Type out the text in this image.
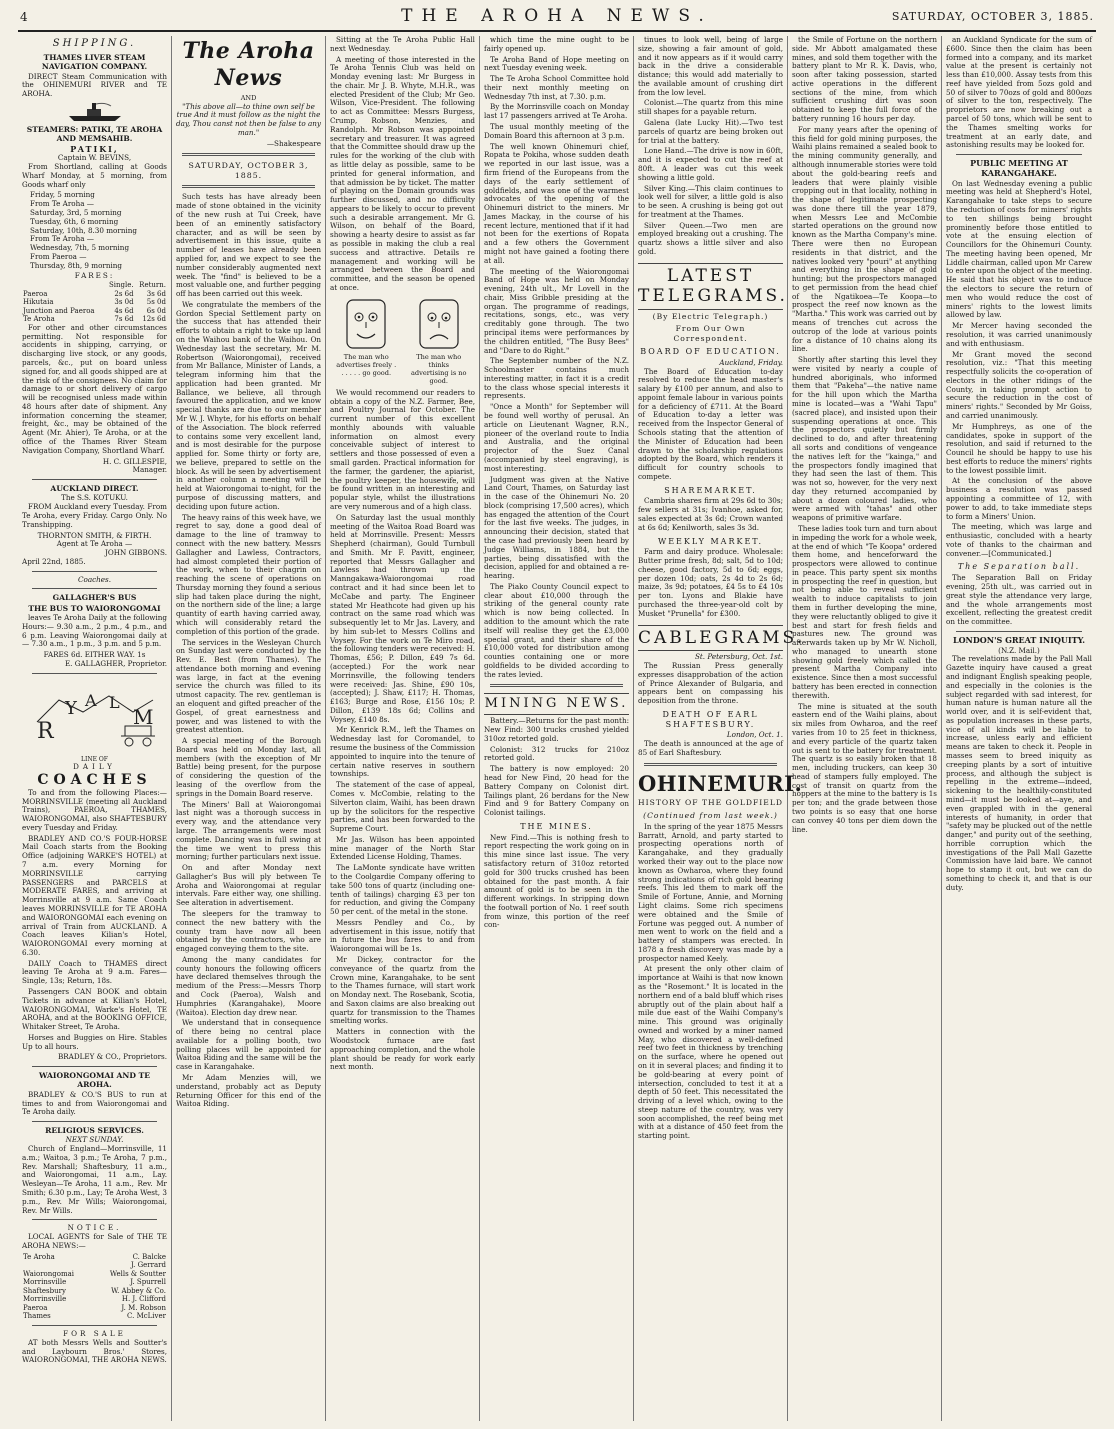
4	THE AROHA NEWS.	SATURDAY, OCTOBER 3, 1885.
SHIPPING.
THAMES LIVER STEAM NAVIGATION COMPANY.

DIRECT Steam Communication with the OHINEMURI RIVER and TE AROHA.

STEAMERS: PATIKI, TE AROHA AND MEMSAHIB.
PATIKI,
Captain W. BEVINS,

From Shortland, calling at Goods Wharf Monday, at 5 morning, from Goods wharf only

Friday, 5 morning
From Te Aroha —
Saturday, 3rd, 5 morning
Tuesday, 6th, 6 morning
Saturday, 10th, 8.30 morning
From Te Aroha —
Wednesday, 7th, 5 morning
From Paeroa —
Thursday, 8th, 9 morning
FARES:
	Single.	Return.
Paeroa	2s 6d	3s 6d
Hikutaia	3s 0d	5s 0d
Junction and Paeroa	4s 6d	6s 0d
Te Aroha	7s 6d	12s 6d

For other and other circumstances permitting. Not responsible for accidents in shipping, carrying, or discharging live stock, or any goods, parcels, &c., put on board unless signed for, and all goods shipped are at the risk of the consignees. No claim for damage to or short delivery of cargo will be recognised unless made within 48 hours after date of shipment. Any information concerning the steamer, freight, &c., may be obtained of the Agent (Mr. Ahier), Te Aroha, or at the office of the Thames River Steam Navigation Company, Shortland Wharf.

H. C. GILLESPIE,
Manager.
AUCKLAND DIRECT.
The S.S. KOTUKU.

FROM Auckland every Tuesday. From Te Aroha, every Friday. Cargo Only. No Transhipping.

THORNTON SMITH, & FIRTH.
Agent at Te Aroha —
JOHN GIBBONS.
April 22nd, 1885.
Coaches.
GALLAGHER'S BUS
THE BUS TO WAIORONGOMAI

leaves Te Aroha Daily at the following Hours:— 9.30 a.m., 2 p.m., 4 p.m., and 6 p.m. Leaving Waiorongomai daily at— 7.30 a.m., 1 p.m., 3 p.m. and 5 p.m.

FARES 6d. EITHER WAY. 1s
E. GALLAGHER, Proprietor.
R
Y A L
M
LINE OF
DAILY
COACHES

To and from the following Places:— MORRINSVILLE (meeting all Auckland Trains), PAEROA, THAMES, WAIORONGOMAI, also SHAFTESBURY every Tuesday and Friday.

BRADLEY AND CO.'S FOUR-HORSE Mail Coach starts from the Booking Office (adjoining WARKE'S HOTEL) at 7 a.m. every Morning for MORRINSVILLE carrying PASSENGERS and PARCELS at MODERATE FARES, and arriving at Morrinsville at 9 a.m. Same Coach leaves MORRINSVILLE for TE AROHA and WAIORONGOMAI each evening on arrival of Train from AUCKLAND. A Coach leaves Kilian's Hotel, WAIORONGOMAI every morning at 6.30.

DAILY Coach to THAMES direct leaving Te Aroha at 9 a.m. Fares—Single, 13s; Return, 18s.

Passengers CAN BOOK and obtain Tickets in advance at Kilian's Hotel, WAIORONGOMAI, Warke's Hotel, TE AROHA, and at the BOOKING OFFICE, Whitaker Street, Te Aroha.

Horses and Buggies on Hire. Stables Up to all hours.

BRADLEY & CO., Proprietors.
WAIORONGOMAI AND TE AROHA.

BRADLEY & CO.'S BUS to run at times to and from Waiorongomai and Te Aroha daily.

RELIGIOUS SERVICES.
NEXT SUNDAY.

Church of England—Morrinsville, 11 a.m.; Waitoa, 3 p.m.; Te Aroha, 7 p.m., Rev. Marshall; Shaftesbury, 11 a.m., and Waiorongomai, 11 a.m., Lay. Wesleyan—Te Aroha, 11 a.m., Rev. Mr Smith; 6.30 p.m., Lay; Te Aroha West, 3 p.m., Rev. Mr Wills; Waiorongomai, Rev. Mr Wills.

NOTICE.

LOCAL AGENTS for Sale of THE TE AROHA NEWS:—

Te Aroha	C. Balcke
	J. Gerrard
Waiorongomai	Wells & Soutter
Morrinsville	J. Spurrell
Shaftesbury	W. Abbey & Co.
Morrinsville	H. J. Clifford
Paeroa	J. M. Robson
Thames	C. McLiver
FOR SALE

AT both Messrs Wells and Soutter's and Laybourn Bros.' Stores, WAIORONGOMAI, THE AROHA NEWS.

The Aroha News
AND

"This above all—to thine own self be true And it must follow as the night the day, Thou canst not then be false to any man."

—Shakespeare
SATURDAY, OCTOBER 3, 1885.

Such tests has have already been made of stone obtained in the vicinity of the new rush at Tui Creek, have been of an eminently satisfactory character, and as will be seen by advertisement in this issue, quite a number of leases have already been applied for, and we expect to see the number considerably augmented next week. The "find" is believed to be a most valuable one, and further pegging off has been carried out this week.

We congratulate the members of the Gordon Special Settlement party on the success that has attended their efforts to obtain a right to take up land on the Waihou bank of the Waihou. On Wednesday last the secretary, Mr M. Robertson (Waiorongomai), received from Mr Ballance, Minister of Lands, a telegram informing him that the application had been granted. Mr Ballance, we believe, all through favoured the application, and we know special thanks are due to our member Mr W. J. Whyte, for his efforts on behalf of the Association. The block referred to contains some very excellent land, and is most desirable for the purpose applied for. Some thirty or forty are, we believe, prepared to settle on the block. As will be seen by advertisement in another column a meeting will be held at Waiorongomai to-night, for the purpose of discussing matters, and deciding upon future action.

The heavy rains of this week have, we regret to say, done a good deal of damage to the line of tramway to connect with the new battery. Messrs Gallagher and Lawless, Contractors, had almost completed their portion of the work, when to their chagrin on reaching the scene of operations on Thursday morning they found a serious slip had taken place during the night, on the northern side of the line; a large quantity of earth having carried away, which will considerably retard the completion of this portion of the grade.

The services in the Wesleyan Church on Sunday last were conducted by the Rev. E. Best (from Thames). The attendance both morning and evening was large, in fact at the evening service the church was filled to its utmost capacity. The rev. gentleman is an eloquent and gifted preacher of the Gospel, of great earnestness and power, and was listened to with the greatest attention.

A special meeting of the Borough Board was held on Monday last, all members (with the exception of Mr Battle) being present, for the purpose of considering the question of the leasing of the overflow from the springs in the Domain Board reserve.

The Miners' Ball at Waiorongomai last night was a thorough success in every way, and the attendance very large. The arrangements were most complete. Dancing was in full swing at the time we went to press this morning; further particulars next issue.

On and after Monday next Gallagher's Bus will ply between Te Aroha and Waiorongomai at regular intervals. Fare either way, one shilling. See alteration in advertisement.

The sleepers for the tramway to connect the new battery with the county tram have now all been obtained by the contractors, who are engaged conveying them to the site.

Among the many candidates for county honours the following officers have declared themselves through the medium of the Press:—Messrs Thorp and Cock (Paeroa), Walsh and Humphries (Karangahake), Moore (Waitoa). Election day drew near.

We understand that in consequence of there being no central place available for a polling booth, two polling places will be appointed for Waitoa Riding and the same will be the case in Karangahake.

Mr Adam Menzies will, we understand, probably act as Deputy Returning Officer for this end of the Waitoa Riding.

Sitting at the Te Aroha Public Hall next Wednesday.

A meeting of those interested in the Te Aroha Tennis Club was held on Monday evening last: Mr Burgess in the chair. Mr J. B. Whyte, M.H.R., was elected President of the Club; Mr Geo. Wilson, Vice-President. The following to act as Committee: Messrs Burgess, Crump, Robson, Menzies, and Randolph. Mr Robson was appointed secretary and treasurer. It was agreed that the Committee should draw up the rules for the working of the club with as little delay as possible, same to be printed for general information, and that admission be by ticket. The matter of playing on the Domain grounds was further discussed, and no difficulty appears to be likely to occur to prevent such a desirable arrangement. Mr G. Wilson, on behalf of the Board, showing a hearty desire to assist as far as possible in making the club a real success and attractive. Details re management and working will be arranged between the Board and committee, and the season be opened at once.

The man who advertises freely . . . . . . go good.
The man who thinks advertising is no good.

We would recommend our readers to obtain a copy of the N.Z. Farmer, Bee, and Poultry Journal for October. The current number of this excellent monthly abounds with valuable information on almost every conceivable subject of interest to settlers and those possessed of even a small garden. Practical information for the farmer, the gardener, the apiarist, the poultry keeper, the housewife, will be found written in an interesting and popular style, whilst the illustrations are very numerous and of a high class.

On Saturday last the usual monthly meeting of the Waitoa Road Board was held at Morrinsville. Present: Messrs Shepherd (chairman), Gould Turnbull and Smith. Mr F. Pavitt, engineer, reported that Messrs Gallagher and Lawless had thrown up the Manngakawa-Waiorongomai road contract and it had since been let to McCabe and party. The Engineer stated Mr Heathcote had given up his contract on the same road which was subsequently let to Mr Jas. Lavery, and by him sub-let to Messrs Collins and Voysey. For the work on Te Miro road, the following tenders were received: H. Thomas, £56; P. Dillon, £49 7s 6d. (accepted.) For the work near Morrinsville, the following tenders were received: Jas. Shine, £90 10s, (accepted); J. Shaw, £117; H. Thomas, £163; Burge and Rose, £156 10s; P. Dillon, £139 18s 6d; Collins and Voysey, £140 8s.

Mr Kenrick R.M., left the Thames on Wednesday last for Coromandel, to resume the business of the Commission appointed to inquire into the tenure of certain native reserves in southern townships.

The statement of the case of appeal, Comes v. McCombie, relating to the Silverton claim, Waihi, has been drawn up by the solicitors for the respective parties, and has been forwarded to the Supreme Court.

Mr Jas. Wilson has been appointed mine manager of the North Star Extended License Holding, Thames.

The LaMonte syndicate have written to the Coolgardie Company offering to take 500 tons of quartz (including one-tenth of tailings) charging £3 per ton for reduction, and giving the Company 50 per cent. of the metal in the stone.

Messrs Pendley and Co., by advertisement in this issue, notify that in future the bus fares to and from Waiorongomai will be 1s.

Mr Dickey, contractor for the conveyance of the quartz from the Crown mine, Karangahake, to be sent to the Thames furnace, will start work on Monday next. The Rosebank, Scotia, and Saxon claims are also breaking out quartz for transmission to the Thames smelting works.

Matters in connection with the Woodstock furnace are fast approaching completion, and the whole plant should be ready for work early next month.

which time the mine ought to be fairly opened up.

Te Aroha Band of Hope meeting on next Tuesday evening week.

The Te Aroha School Committee hold their next monthly meeting on Wednesday 7th inst, at 7.30. p.m.

By the Morrinsville coach on Monday last 17 passengers arrived at Te Aroha.

The usual monthly meeting of the Domain Board this afternoon at 3 p.m.

The well known Ohinemuri chief, Ropata te Pokiha, whose sudden death we reported in our last issue, was a firm friend of the Europeans from the days of the early settlement of goldfields, and was one of the warmest advocates of the opening of the Ohinemuri district to the miners. Mr James Mackay, in the course of his recent lecture, mentioned that if it had not been for the exertions of Ropata and a few others the Government might not have gained a footing there at all.

The meeting of the Waiorongomai Band of Hope was held on Monday evening, 24th ult., Mr Lovell in the chair, Miss Gribble presiding at the organ. The programme of readings, recitations, songs, etc., was very creditably gone through. The two principal items were performances by the children entitled, "The Busy Bees" and "Dare to do Right."

The September number of the N.Z. Schoolmaster contains much interesting matter, in fact it is a credit to the class whose special interests it represents.

"Once a Month" for September will be found well worthy of perusal. An article on Lieutenant Wagner, R.N., pioneer of the overland route to India and Australia, and the original projector of the Suez Canal (accompanied by steel engraving), is most interesting.

Judgment was given at the Native Land Court, Thames, on Saturday last in the case of the Ohinemuri No. 20 block (comprising 17,500 acres), which has engaged the attention of the Court for the last five weeks. The judges, in announcing their decision, stated that the case had previously been heard by Judge Williams, in 1884, but the parties, being dissatisfied with the decision, applied for and obtained a re-hearing.

The Piako County Council expect to clear about £10,000 through the striking of the general county rate which is now being collected. In addition to the amount which the rate itself will realise they get the £3,000 special grant, and their share of the £10,000 voted for distribution among counties containing one or more goldfields to be divided according to the rates levied.

MINING NEWS.

Battery.—Returns for the past month: New Find: 300 trucks crushed yielded 310oz retorted gold.

Colonist: 312 trucks for 210oz retorted gold.

The battery is now employed: 20 head for New Find, 20 head for the Battery Company on Colonist dirt. Tailings plant, 26 berdans for the New Find and 9 for Battery Company on Colonist tailings.

THE MINES.

New Find.—This is nothing fresh to report respecting the work going on in this mine since last issue. The very satisfactory return of 310oz retorted gold for 300 trucks crushed has been obtained for the past month. A fair amount of gold is to be seen in the different workings. In stripping down the footwall portion of No. 1 reef south from winze, this portion of the reef con-

tinues to look well, being of large size, showing a fair amount of gold, and it now appears as if it would carry back in the drive a considerable distance; this would add materially to the available amount of crushing dirt from the low level.

Colonist.—The quartz from this mine still shapes for a payable return.

Galena (late Lucky Hit).—Two test parcels of quartz are being broken out for trial at the battery.

Lone Hand.—The drive is now in 60ft, and it is expected to cut the reef at 80ft. A leader was cut this week showing a little gold.

Silver King.—This claim continues to look well for silver, a little gold is also to be seen. A crushing is being got out for treatment at the Thames.

Silver Queen.—Two men are employed breaking out a crushing. The quartz shows a little silver and also gold.

LATEST TELEGRAMS.
(By Electric Telegraph.)
From Our Own Correspondent.
BOARD OF EDUCATION.
Auckland, Friday.

The Board of Education to-day resolved to reduce the head master's salary by £100 per annum, and also to appoint female labour in various points for a deficiency of £711. At the Board of Education to-day a letter was received from the Inspector General of Schools stating that the attention of the Minister of Education had been drawn to the scholarship regulations adopted by the Board, which renders it difficult for country schools to compete.

SHAREMARKET.

Cambria shares firm at 29s 6d to 30s; few sellers at 31s; Ivanhoe, asked for, sales expected at 3s 6d; Crown wanted at 6s 6d; Kenilworth, sales 3s 3d.

WEEKLY MARKET.

Farm and dairy produce. Wholesale: Butter prime fresh, 8d; salt, 5d to 10d; cheese, good factory, 5d to 6d; eggs, per dozen 10d; oats, 2s 4d to 2s 6d; maize, 3s 9d; potatoes, £4 5s to £4 10s per ton. Lyons and Blakie have purchased the three-year-old colt by Musket "Prunella" for £300.

CABLEGRAMS.
St. Petersburg, Oct. 1st.

The Russian Press generally expresses disapprobation of the action of Prince Alexander of Bulgaria, and appears bent on compassing his deposition from the throne.

DEATH OF EARL SHAFTESBURY.
London, Oct. 1.

The death is announced at the age of 85 of Earl Shaftesbury.

OHINEMURI.
HISTORY OF THE GOLDFIELD
(Continued from last week.)

In the spring of the year 1875 Messrs Barratt, Arnold, and party started to prospecting operations north of Karangahake, and they gradually worked their way out to the place now known as Owharoa, where they found strong indications of rich gold bearing reefs. This led them to mark off the Smile of Fortune, Annie, and Morning Light claims. Some rich specimens were obtained and the Smile of Fortune was pegged out. A number of men went to work on the field and a battery of stampers was erected. In 1878 a fresh discovery was made by a prospector named Keely.

At present the only other claim of importance at Waihi is that now known as the "Rosemont." It is located in the northern end of a bald bluff which rises abruptly out of the plain about half a mile due east of the Waihi Company's mine. This ground was originally owned and worked by a miner named May, who discovered a well-defined reef two feet in thickness by trenching on the surface, where he opened out on it in several places; and finding it to be gold-bearing at every point of intersection, concluded to test it at a depth of 50 feet. This necessitated the driving of a level which, owing to the steep nature of the country, was very soon accomplished, the reef being met with at a distance of 450 feet from the starting point.

the Smile of Fortune on the northern side. Mr Abbott amalgamated these mines, and sold them together with the battery plant to Mr R. K. Davis, who, soon after taking possession, started active operations in the different sections of the mine, from which sufficient crushing dirt was soon obtained to keep the full force of the battery running 16 hours per day.

For many years after the opening of this field for gold mining purposes, the Waihi plains remained a sealed book to the mining community generally, and although innumerable stories were told about the gold-bearing reefs and leaders that were plainly visible cropping out in that locality, nothing in the shape of legitimate prospecting was done there till the year 1879, when Messrs Lee and McCombie started operations on the ground now known as the Martha Company's mine. There were then no European residents in that district, and the natives looked very "pouri" at anything and everything in the shape of gold hunting; but the prospectors managed to get permission from the head chief of the Ngatikoea—Te Koopa—to prospect the reef now known as the "Martha." This work was carried out by means of trenches cut across the outcrop of the lode at various points for a distance of 10 chains along its line.

Shortly after starting this level they were visited by nearly a couple of hundred aboriginals, who informed them that "Pakeha"—the native name for the hill upon which the Martha mine is located—was a "Wahi Tapu" (sacred place), and insisted upon their suspending operations at once. This the prospectors quietly but firmly declined to do, and after threatening all sorts and conditions of vengeance the natives left for the "kainga," and the prospectors fondly imagined that they had seen the last of them. This was not so, however, for the very next day they returned accompanied by about a dozen coloured ladies, who were armed with "tahas" and other weapons of primitive warfare.

These ladies took turn and turn about in impeding the work for a whole week, at the end of which "Te Koopa" ordered them home, and henceforward the prospectors were allowed to continue in peace. This party spent six months in prospecting the reef in question, but not being able to reveal sufficient wealth to induce capitalists to join them in further developing the mine, they were reluctantly obliged to give it best and start for fresh fields and pastures new. The ground was afterwards taken up by Mr W. Nicholl, who managed to unearth stone showing gold freely which called the present Martha Company into existence. Since then a most successful battery has been erected in connection therewith.

The mine is situated at the south eastern end of the Waihi plains, about six miles from Owharoa, and the reef varies from 10 to 25 feet in thickness, and every particle of the quartz taken out is sent to the battery for treatment. The quartz is so easily broken that 18 men, including truckers, can keep 30 head of stampers fully employed. The cost of transit on quartz from the hoppers at the mine to the battery is 1s per ton; and the grade between those two points is so easy that one horse can convey 40 tons per diem down the line.

an Auckland Syndicate for the sum of £600. Since then the claim has been formed into a company, and its market value at the present is certainly not less than £10,000. Assay tests from this reef have yielded from 5ozs gold and 50 of silver to 70ozs of gold and 800ozs of silver to the ton, respectively. The proprietors are now breaking out a parcel of 50 tons, which will be sent to the Thames smelting works for treatment at an early date, and astonishing results may be looked for.

PUBLIC MEETING AT KARANGAHAKE.

On last Wednesday evening a public meeting was held at Shepherd's Hotel, Karangahake to take steps to secure the reduction of costs for miners' rights to ten shillings being brought prominently before those entitled to vote at the ensuing election of Councillors for the Ohinemuri County. The meeting having been opened, Mr Liddle chairman, called upon Mr Carew to enter upon the object of the meeting. He said that his object was to induce the electors to secure the return of men who would reduce the cost of miners' rights to the lowest limits allowed by law.

Mr Mercer having seconded the resolution, it was carried unanimously and with enthusiasm.

Mr Grant moved the second resolution, viz.: "That this meeting respectfully solicits the co-operation of electors in the other ridings of the County, in taking prompt action to secure the reduction in the cost of miners' rights." Seconded by Mr Goiss, and carried unanimously.

Mr Humphreys, as one of the candidates, spoke in support of the resolution, and said if returned to the Council he should be happy to use his best efforts to reduce the miners' rights to the lowest possible limit.

At the conclusion of the above business a resolution was passed appointing a committee of 12, with power to add, to take immediate steps to form a Miners' Union.

The meeting, which was large and enthusiastic, concluded with a hearty vote of thanks to the chairman and convener.—[Communicated.]

The Separation ball.

The Separation Ball on Friday evening, 25th ult., was carried out in great style the attendance very large, and the whole arrangements most excellent, reflecting the greatest credit on the committee.

LONDON'S GREAT INIQUITY.
(N.Z. Mail.)

The revelations made by the Pall Mall Gazette inquiry have caused a great and indignant English speaking people, and especially in the colonies is the subject regarded with sad interest, for human nature is human nature all the world over, and it is self-evident that, as population increases in these parts, vice of all kinds will be liable to increase, unless early and efficient means are taken to check it. People in masses seem to breed iniquity as creeping plants by a sort of intuitive process, and although the subject is repelling in the extreme—indeed, sickening to the healthily-constituted mind—it must be looked at—aye, and even grappled with in the general interests of humanity, in order that "safety may be plucked out of the nettle danger," and purity out of the seething, horrible corruption which the investigations of the Pall Mall Gazette Commission have laid bare. We cannot hope to stamp it out, but we can do something to check it, and that is our duty.
